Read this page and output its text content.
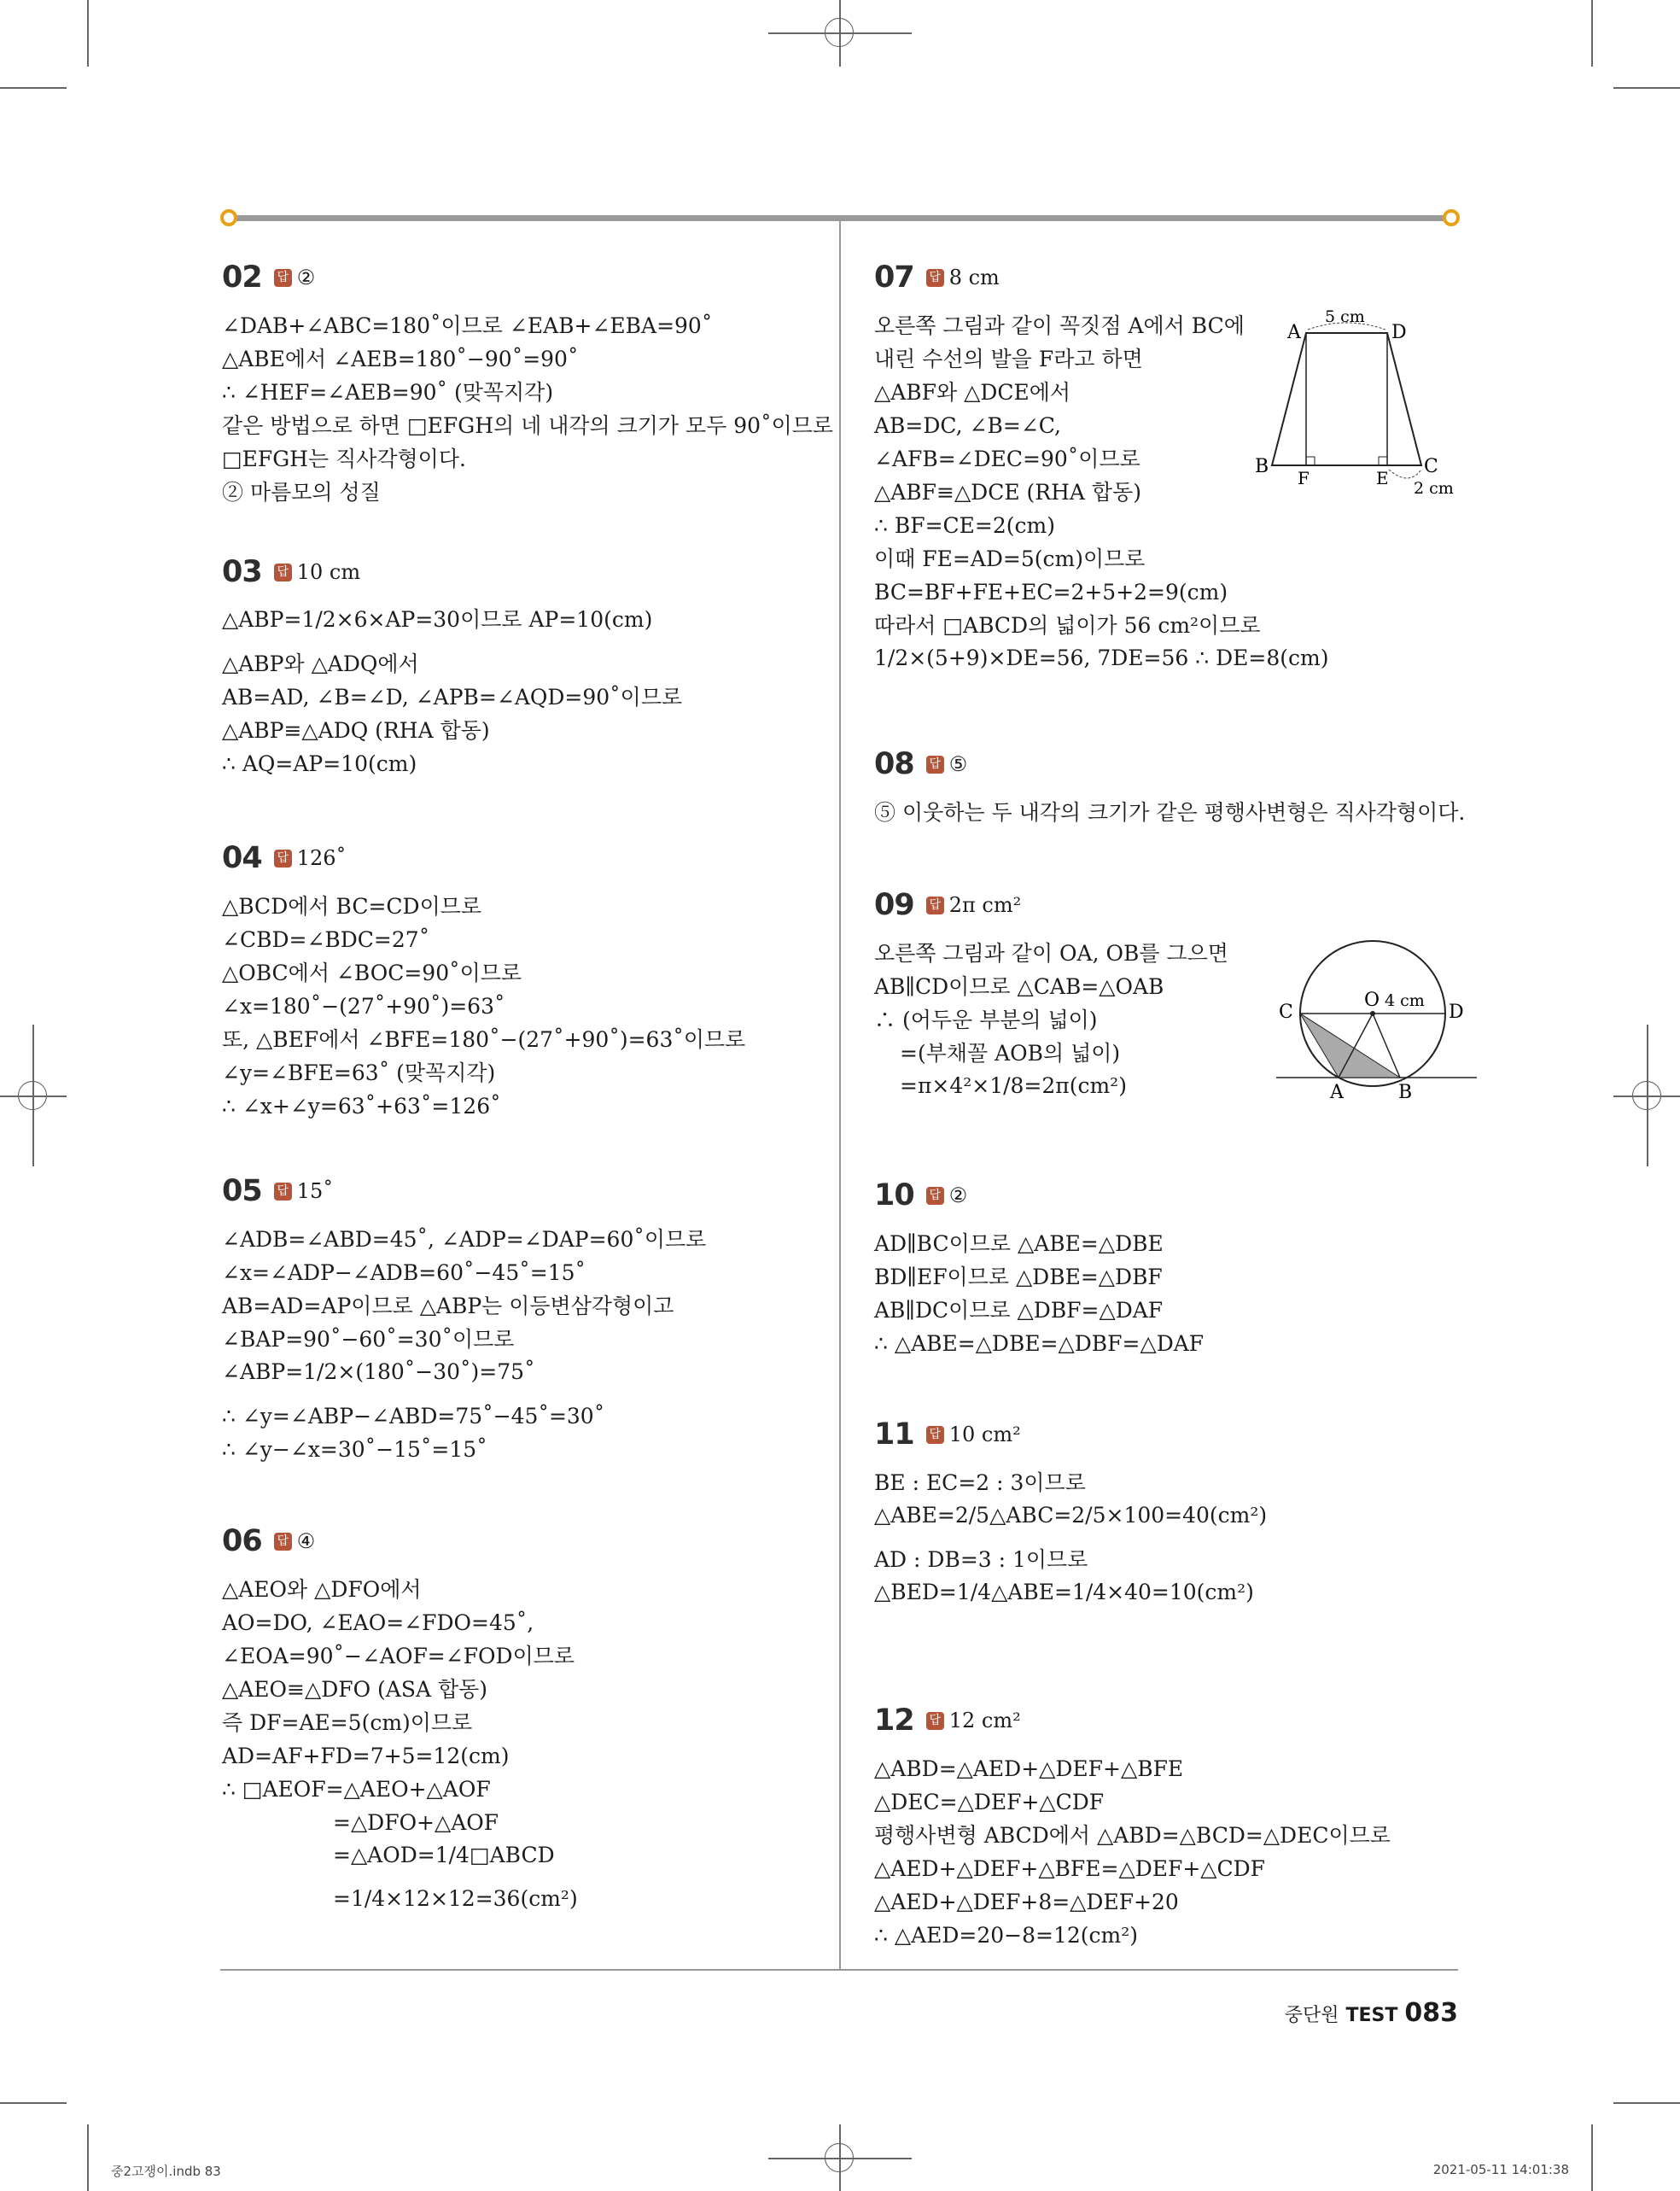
02 답 ②
∠DAB+∠ABC=180˚이므로 ∠EAB+∠EBA=90˚
△ABE에서 ∠AEB=180˚−90˚=90˚
∴ ∠HEF=∠AEB=90˚ (맞꼭지각)
같은 방법으로 하면 □EFGH의 네 내각의 크기가 모두 90˚이므로
□EFGH는 직사각형이다.
② 마름모의 성질
03 답 10 cm
△ABP=1/2×6×AP=30이므로 AP=10(cm)
△ABP와 △ADQ에서
AB=AD, ∠B=∠D, ∠APB=∠AQD=90˚이므로
△ABP≡△ADQ (RHA 합동)
∴ AQ=AP=10(cm)
04 답 126˚
△BCD에서 BC=CD이므로
∠CBD=∠BDC=27˚
△OBC에서 ∠BOC=90˚이므로
∠x=180˚−(27˚+90˚)=63˚
또, △BEF에서 ∠BFE=180˚−(27˚+90˚)=63˚이므로
∠y=∠BFE=63˚ (맞꼭지각)
∴ ∠x+∠y=63˚+63˚=126˚
05 답 15˚
∠ADB=∠ABD=45˚, ∠ADP=∠DAP=60˚이므로
∠x=∠ADP−∠ADB=60˚−45˚=15˚
AB=AD=AP이므로 △ABP는 이등변삼각형이고
∠BAP=90˚−60˚=30˚이므로
∠ABP=1/2×(180˚−30˚)=75˚
∴ ∠y=∠ABP−∠ABD=75˚−45˚=30˚
∴ ∠y−∠x=30˚−15˚=15˚
06 답 ④
△AEO와 △DFO에서
AO=DO, ∠EAO=∠FDO=45˚,
∠EOA=90˚−∠AOF=∠FOD이므로
△AEO≡△DFO (ASA 합동)
즉 DF=AE=5(cm)이므로
AD=AF+FD=7+5=12(cm)
∴ □AEOF=△AEO+△AOF
=△DFO+△AOF
=△AOD=1/4□ABCD
=1/4×12×12=36(cm²)
07 답 8 cm
오른쪽 그림과 같이 꼭짓점 A에서 BC에
내린 수선의 발을 F라고 하면
△ABF와 △DCE에서
AB=DC, ∠B=∠C,
∠AFB=∠DEC=90˚이므로
△ABF≡△DCE (RHA 합동)
∴ BF=CE=2(cm)
이때 FE=AD=5(cm)이므로
BC=BF+FE+EC=2+5+2=9(cm)
따라서 □ABCD의 넓이가 56 cm²이므로
1/2×(5+9)×DE=56, 7DE=56 ∴ DE=8(cm)
08 답 ⑤
⑤ 이웃하는 두 내각의 크기가 같은 평행사변형은 직사각형이다.
09 답 2π cm²
오른쪽 그림과 같이 OA, OB를 그으면
AB∥CD이므로 △CAB=△OAB
∴ (어두운 부분의 넓이)
=(부채꼴 AOB의 넓이)
=π×4²×1/8=2π(cm²)
10 답 ②
AD∥BC이므로 △ABE=△DBE
BD∥EF이므로 △DBE=△DBF
AB∥DC이므로 △DBF=△DAF
∴ △ABE=△DBE=△DBF=△DAF
11 답 10 cm²
BE : EC=2 : 3이므로
△ABE=2/5△ABC=2/5×100=40(cm²)
AD : DB=3 : 1이므로
△BED=1/4△ABE=1/4×40=10(cm²)
12 답 12 cm²
△ABD=△AED+△DEF+△BFE
△DEC=△DEF+△CDF
평행사변형 ABCD에서 △ABD=△BCD=△DEC이므로
△AED+△DEF+△BFE=△DEF+△CDF
△AED+△DEF+8=△DEF+20
∴ △AED=20−8=12(cm²)
A	D
B	C
F	E
5 cm
2 cm
C
O
D
A	B
4 cm
중단원 TEST 083
중2고쟁이.indb 83	2021-05-11 14:01:38
